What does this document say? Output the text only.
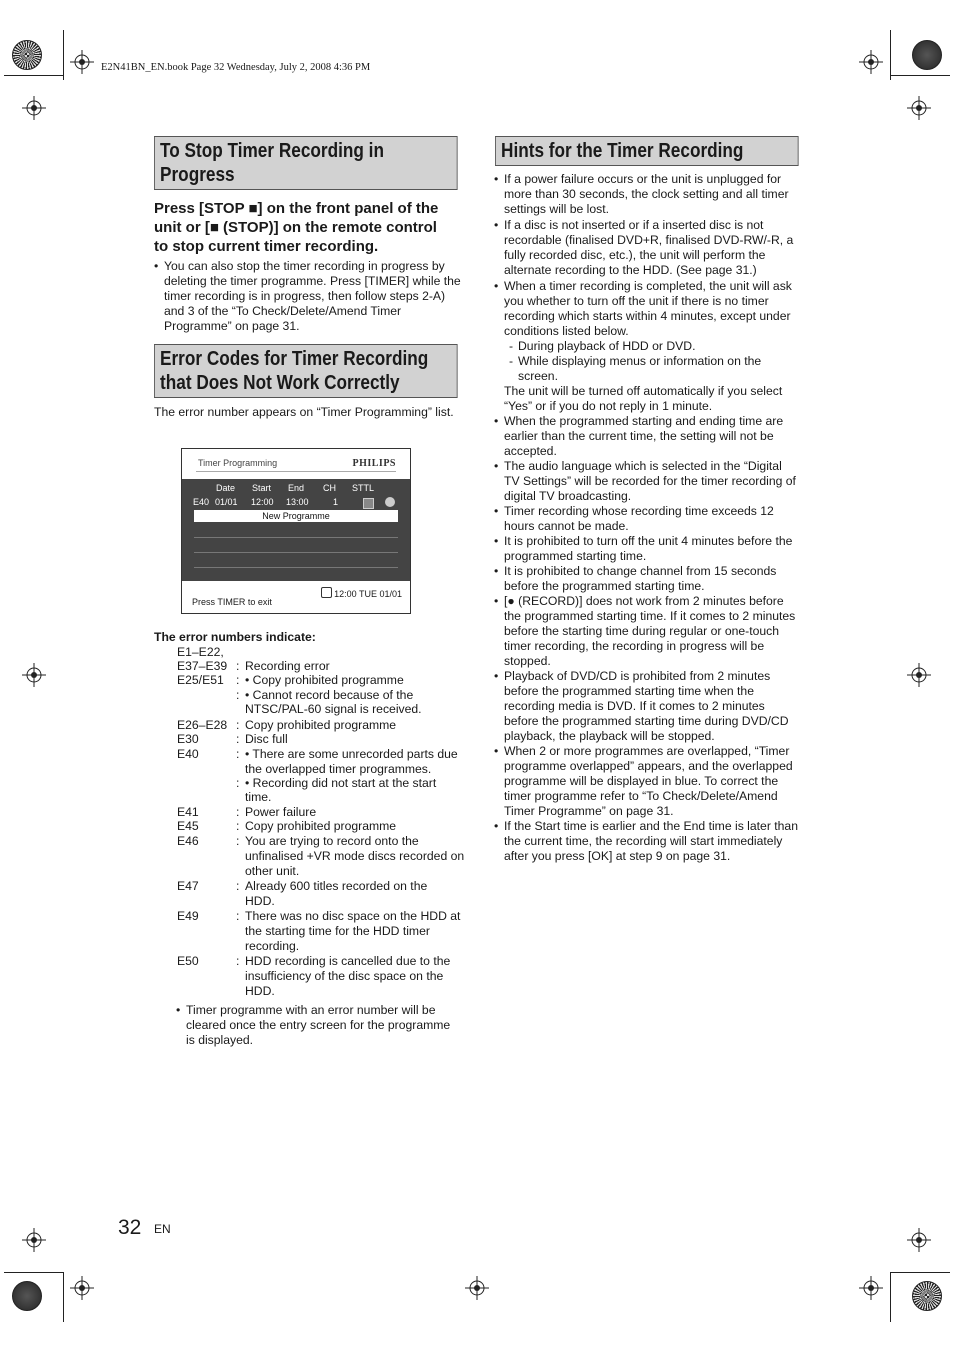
E2N41BN_EN.book Page 32 Wednesday, July 2, 2008 4:36 PM
To Stop Timer Recording in
Progress
Press [STOP ■] on the front panel of the
unit or [■ (STOP)] on the remote control
to stop current timer recording.
• You can also stop the timer recording in progress by deleting the timer programme. Press [TIMER] while the timer recording is in progress, then follow steps 2-A) and 3 of the “To Check/Delete/Amend Timer Programme” on page 31.
Error Codes for Timer Recording
that Does Not Work Correctly
The error number appears on “Timer Programming” list.
Timer Programming	PHILIPS
Date Start End CH STTL
E40 01/01 12:00 13:00	1
New Programme
12:00 TUE 01/01
Press TIMER to exit
The error numbers indicate:
E1–E22,

E37–E39 : Recording error
E25/E51 : • Copy prohibited programme
: • Cannot record because of the NTSC/PAL-60 signal is received.
E26–E28 : Copy prohibited programme
E30	: Disc full
E40	: • There are some unrecorded parts due the overlapped timer programmes.
: • Recording did not start at the start time.
E41	: Power failure
E45	: Copy prohibited programme
E46	: You are trying to record onto the unfinalised +VR mode discs recorded on other unit.
E47	: Already 600 titles recorded on the HDD.
E49	: There was no disc space on the HDD at the starting time for the HDD timer recording.
E50	: HDD recording is cancelled due to the insufficiency of the disc space on the HDD.
• Timer programme with an error number will be cleared once the entry screen for the programme is displayed.
Hints for the Timer Recording
• If a power failure occurs or the unit is unplugged for more than 30 seconds, the clock setting and all timer settings will be lost.
• If a disc is not inserted or if a inserted disc is not recordable (finalised DVD+R, finalised DVD-RW/-R, a fully recorded disc, etc.), the unit will perform the alternate recording to the HDD. (See page 31.)
• When a timer recording is completed, the unit will ask you whether to turn off the unit if there is no timer recording which starts within 4 minutes, except under conditions listed below.
- During playback of HDD or DVD.
- While displaying menus or information on the screen.
The unit will be turned off automatically if you select “Yes” or if you do not reply in 1 minute.
• When the programmed starting and ending time are earlier than the current time, the setting will not be accepted.
• The audio language which is selected in the “Digital TV Settings” will be recorded for the timer recording of digital TV broadcasting.
• Timer recording whose recording time exceeds 12 hours cannot be made.
• It is prohibited to turn off the unit 4 minutes before the programmed starting time.
• It is prohibited to change channel from 15 seconds before the programmed starting time.
• [● (RECORD)] does not work from 2 minutes before the programmed starting time. If it comes to 2 minutes before the starting time during regular or one-touch timer recording, the recording in progress will be stopped.
• Playback of DVD/CD is prohibited from 2 minutes before the programmed starting time when the recording media is DVD. If it comes to 2 minutes before the programmed starting time during DVD/CD playback, the playback will be stopped.
• When 2 or more programmes are overlapped, “Timer programme overlapped” appears, and the overlapped programme will be displayed in blue. To correct the timer programme refer to “To Check/Delete/Amend Timer Programme” on page 31.
• If the Start time is earlier and the End time is later than the current time, the recording will start immediately after you press [OK] at step 9 on page 31.
32 EN
